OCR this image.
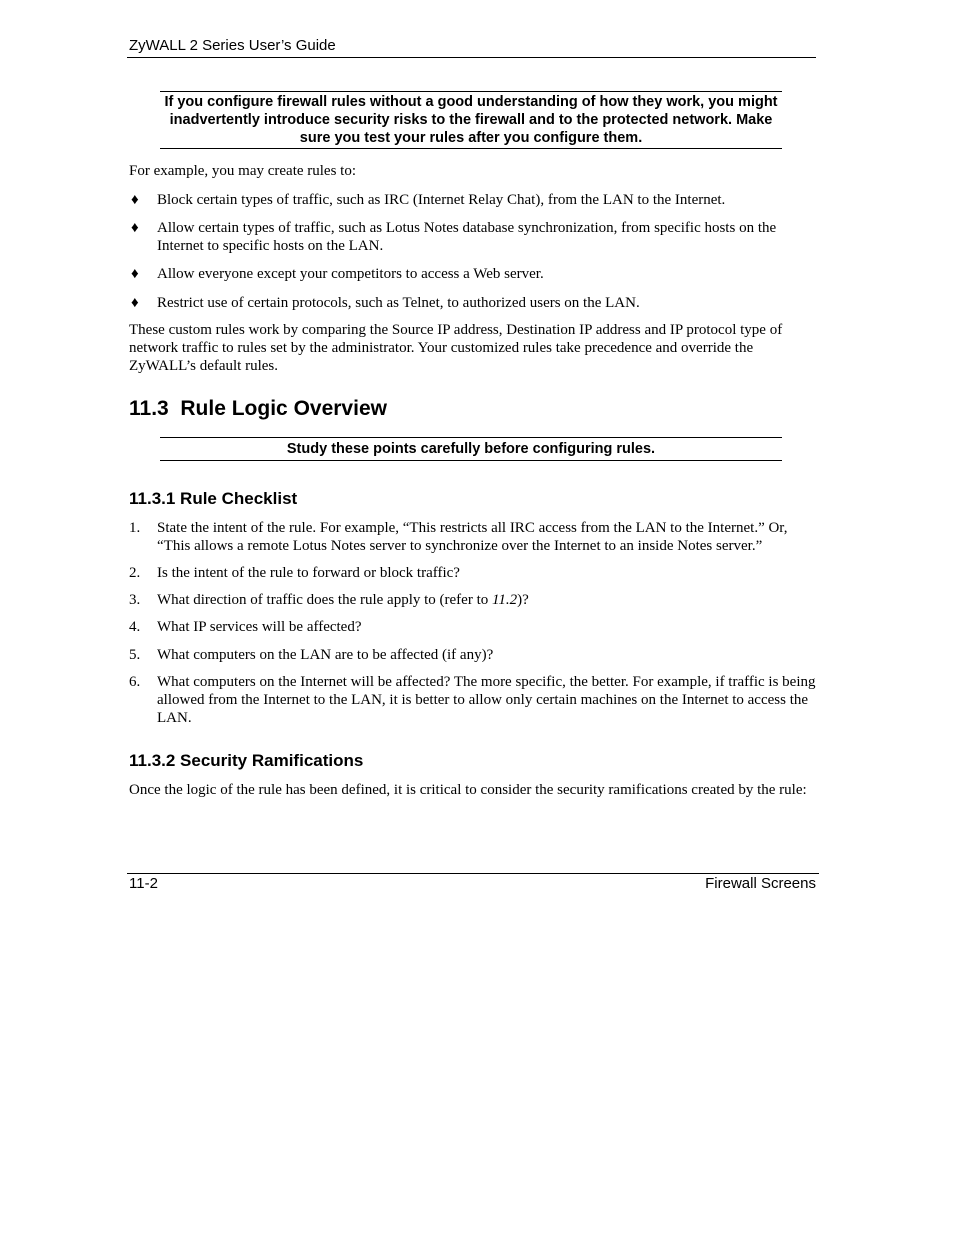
ZyWALL 2 Series User’s Guide
If you configure firewall rules without a good understanding of how they work, you might inadvertently introduce security risks to the firewall and to the protected network. Make sure you test your rules after you configure them.
For example, you may create rules to:
♦ Block certain types of traffic, such as IRC (Internet Relay Chat), from the LAN to the Internet.
♦ Allow certain types of traffic, such as Lotus Notes database synchronization, from specific hosts on the Internet to specific hosts on the LAN.
♦ Allow everyone except your competitors to access a Web server.
♦ Restrict use of certain protocols, such as Telnet, to authorized users on the LAN.
These custom rules work by comparing the Source IP address, Destination IP address and IP protocol type of network traffic to rules set by the administrator. Your customized rules take precedence and override the ZyWALL’s default rules.
11.3 Rule Logic Overview
Study these points carefully before configuring rules.
11.3.1 Rule Checklist
1. State the intent of the rule. For example, “This restricts all IRC access from the LAN to the Internet.” Or, “This allows a remote Lotus Notes server to synchronize over the Internet to an inside Notes server.”
2. Is the intent of the rule to forward or block traffic?
3. What direction of traffic does the rule apply to (refer to 11.2)?
4. What IP services will be affected?
5. What computers on the LAN are to be affected (if any)?
6. What computers on the Internet will be affected? The more specific, the better. For example, if traffic is being allowed from the Internet to the LAN, it is better to allow only certain machines on the Internet to access the LAN.
11.3.2 Security Ramifications
Once the logic of the rule has been defined, it is critical to consider the security ramifications created by the rule:
11-2	Firewall Screens
